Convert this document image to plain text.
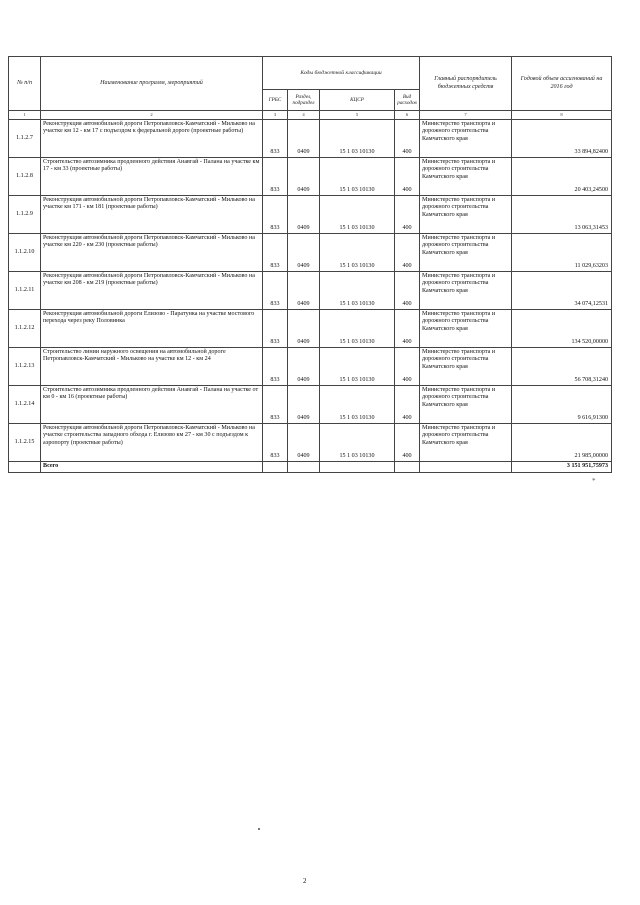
№ п/п	Наименование программ, мероприятий	Коды бюджетной классификации				Главный распорядитель бюджетных средств	Годовой объем ассигнований на 2016 год
		ГРБС	Раздел, подраздел	КЦСР	Вид расходов		
1	2	3	4	5	6	7	8
1.1.2.7	Реконструкция автомобильной дороги Петропавловск-Камчатский - Мильково на участке км 12 - км 17 с подъездом к федеральной дороге (проектные работы)	833	0409	15 1 03 10130	400	Министерство транспорта и дорожного строительства Камчатского края	33 894,82400
1.1.2.8	Строительство автозимника продленного действия Анавгай - Палана на участке км 17 - км 33 (проектные работы)	833	0409	15 1 03 10130	400	Министерство транспорта и дорожного строительства Камчатского края	20 403,24500
1.1.2.9	Реконструкция автомобильной дороги Петропавловск-Камчатский - Мильково на участке км 171 - км 181 (проектные работы)	833	0409	15 1 03 10130	400	Министерство транспорта и дорожного строительства Камчатского края	13 063,31453
1.1.2.10	Реконструкция автомобильной дороги Петропавловск-Камчатский - Мильково на участке км 220 - км 230 (проектные работы)	833	0409	15 1 03 10130	400	Министерство транспорта и дорожного строительства Камчатского края	11 029,63203
1.1.2.11	Реконструкция автомобильной дороги Петропавловск-Камчатский - Мильково на участке км 208 - км 219 (проектные работы)	833	0409	15 1 03 10130	400	Министерство транспорта и дорожного строительства Камчатского края	34 074,12531
1.1.2.12	Реконструкция автомобильной дороги Елизово - Паратунка на участке мостового перехода через реку Половинка	833	0409	15 1 03 10130	400	Министерство транспорта и дорожного строительства Камчатского края	134 520,00000
1.1.2.13	Строительство линии наружного освещения на автомобильной дороге Петропавловск-Камчатский - Мильково на участке км 12 - км 24	833	0409	15 1 03 10130	400	Министерство транспорта и дорожного строительства Камчатского края	56 708,31240
1.1.2.14	Строительство автозимника продленного действия Анавгай - Палана на участке от км 0 - км 16 (проектные работы)	833	0409	15 1 03 10130	400	Министерство транспорта и дорожного строительства Камчатского края	9 616,91300
1.1.2.15	Реконструкция автомобильной дороги Петропавловск-Камчатский - Мильково на участке строительства западного обхода г. Елизово км 27 - км 30 с подъездом к аэропорту (проектные работы)	833	0409	15 1 03 10130	400	Министерство транспорта и дорожного строительства Камчатского края	21 985,00000
	Всего						3 151 951,75973
*
2
